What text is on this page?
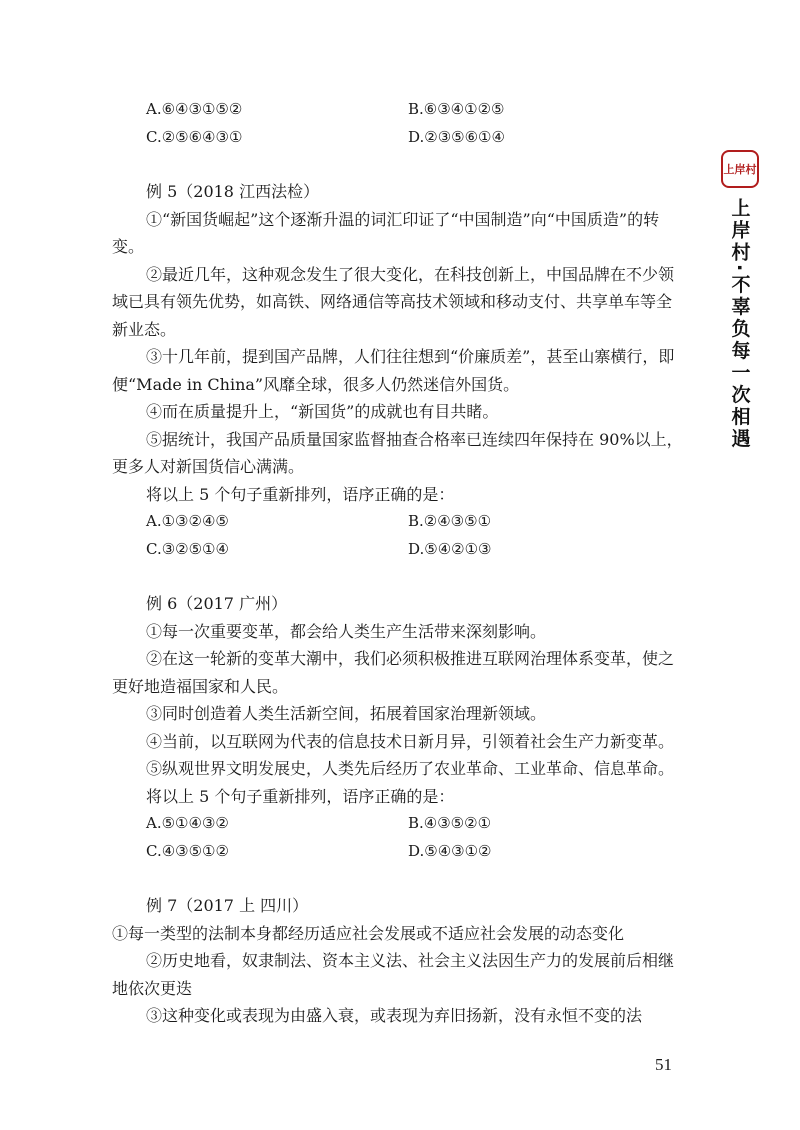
A.⑥④③①⑤②	B.⑥③④①②⑤
C.②⑤⑥④③①	D.②③⑤⑥①④

例 5（2018 江西法检）

①“新国货崛起”这个逐渐升温的词汇印证了“中国制造”向“中国质造”的转变。

②最近几年，这种观念发生了很大变化，在科技创新上，中国品牌在不少领域已具有领先优势，如高铁、网络通信等高技术领域和移动支付、共享单车等全新业态。

③十几年前，提到国产品牌，人们往往想到“价廉质差”，甚至山寨横行，即便“Made in China”风靡全球，很多人仍然迷信外国货。

④而在质量提升上，“新国货”的成就也有目共睹。

⑤据统计，我国产品质量国家监督抽查合格率已连续四年保持在 90%以上，更多人对新国货信心满满。

将以上 5 个句子重新排列，语序正确的是：

A.①③②④⑤	B.②④③⑤①
C.③②⑤①④	D.⑤④②①③

例 6（2017 广州）

①每一次重要变革，都会给人类生产生活带来深刻影响。

②在这一轮新的变革大潮中，我们必须积极推进互联网治理体系变革，使之更好地造福国家和人民。

③同时创造着人类生活新空间，拓展着国家治理新领域。

④当前，以互联网为代表的信息技术日新月异，引领着社会生产力新变革。

⑤纵观世界文明发展史，人类先后经历了农业革命、工业革命、信息革命。

将以上 5 个句子重新排列，语序正确的是：

A.⑤①④③②	B.④③⑤②①
C.④③⑤①②	D.⑤④③①②

例 7（2017 上 四川）

①每一类型的法制本身都经历适应社会发展或不适应社会发展的动态变化

②历史地看，奴隶制法、资本主义法、社会主义法因生产力的发展前后相继地依次更迭

③这种变化或表现为由盛入衰，或表现为弃旧扬新，没有永恒不变的法

上岸村
上岸村·不辜负每一次相遇
51
